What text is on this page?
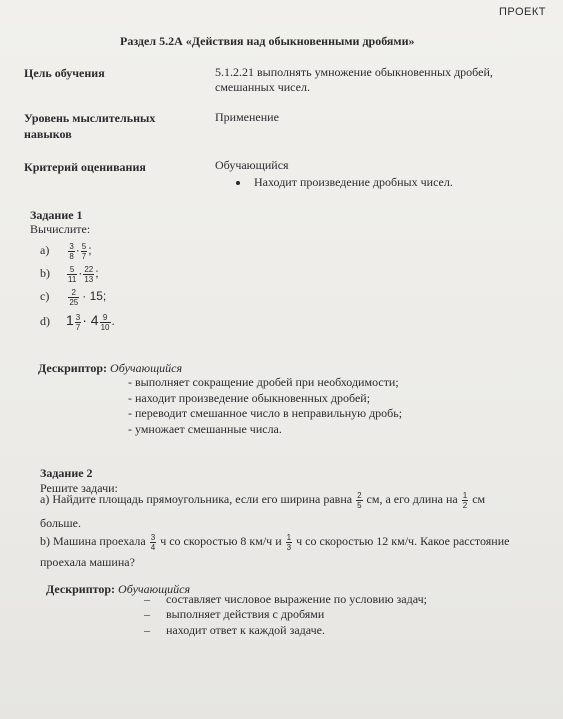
ПРОЕКТ
Раздел 5.2А «Действия над обыкновенными дробями»
Цель обучения	5.1.2.21 выполнять умножение обыкновенных дробей,
смешанных чисел.
Уровень мыслительных
навыков
Применение
Критерий оценивания	Обучающийся
Находит произведение дробных чисел.
Задание 1
Вычислите:
$а) \frac{3}{8} \cdot \frac{5}{7}$ ;
$b) \frac{5}{11} \cdot \frac{22}{13}$ ;
$c) \frac{2}{25} \cdot 15$;
d) $1 \frac{3}{7} \cdot 4 \frac{9}{10}$ .
Дескриптор: Обучающийся
- выполняет сокращение дробей при необходимости;
- находит произведение обыкновенных дробей;
- переводит смешанное число в неправильную дробь;
- умножает смешанные числа.
Задание 2
Решите задачи:
а) Найдите площадь прямоугольника, если его ширина равна $\frac{2}{5}$ см, а его длина на $\frac{1}{2}$ см
больше.
b) Машина проехала $\frac{3}{4}$ ч со скоростью 8 км/ч и $\frac{1}{3}$ ч со скоростью 12 км/ч. Какое расстояние
проехала машина?
Дескриптор: Обучающийся
– составляет числовое выражение по условию задач;
– выполняет действия с дробями
– находит ответ к каждой задаче.
